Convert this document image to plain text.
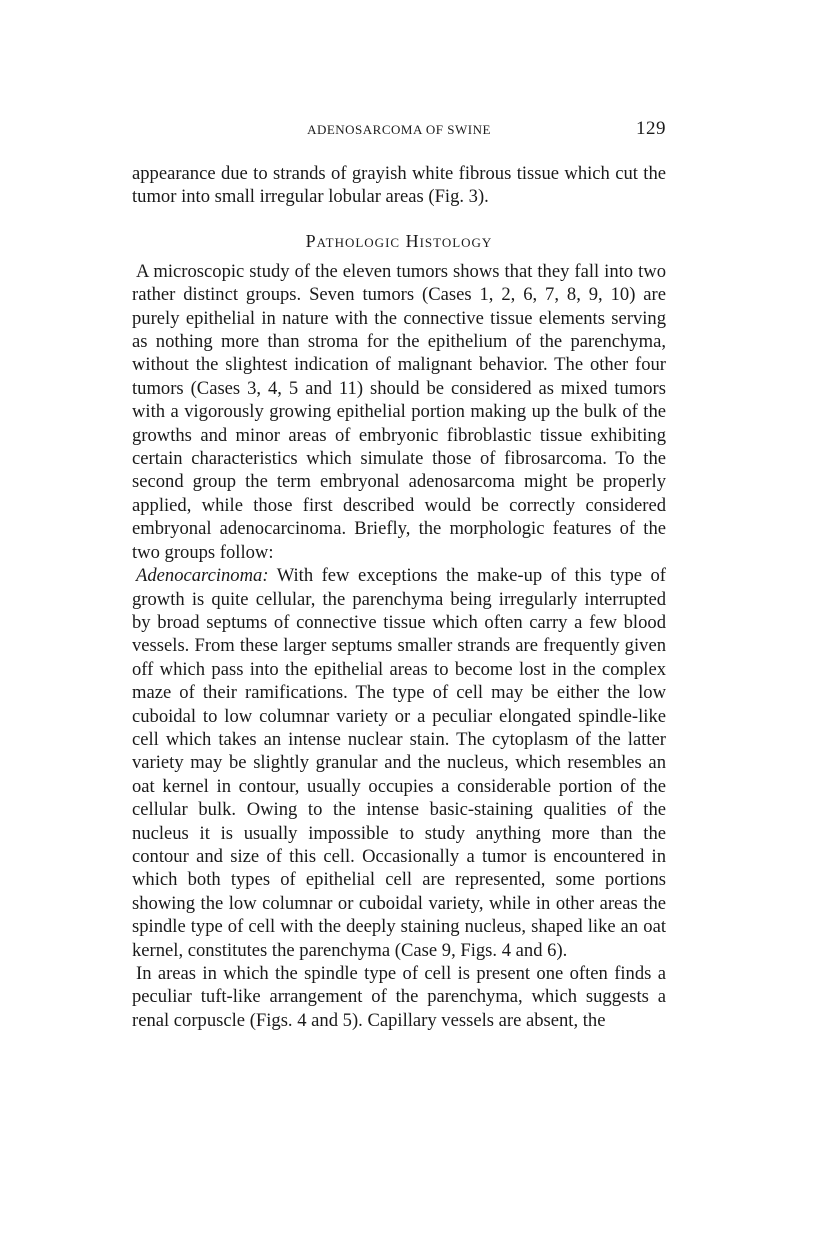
ADENOSARCOMA OF SWINE	129

appearance due to strands of grayish white fibrous tissue which cut the tumor into small irregular lobular areas (Fig. 3).

Pathologic Histology

A microscopic study of the eleven tumors shows that they fall into two rather distinct groups. Seven tumors (Cases 1, 2, 6, 7, 8, 9, 10) are purely epithelial in nature with the connective tissue elements serving as nothing more than stroma for the epithelium of the parenchyma, without the slightest indication of malignant behavior. The other four tumors (Cases 3, 4, 5 and 11) should be considered as mixed tumors with a vigorously growing epithelial portion making up the bulk of the growths and minor areas of embryonic fibroblastic tissue exhibiting certain characteristics which simulate those of fibrosarcoma. To the second group the term embryonal adenosarcoma might be properly applied, while those first described would be correctly considered embryonal adenocarcinoma. Briefly, the morphologic features of the two groups follow:

Adenocarcinoma: With few exceptions the make-up of this type of growth is quite cellular, the parenchyma being irregularly interrupted by broad septums of connective tissue which often carry a few blood vessels. From these larger septums smaller strands are frequently given off which pass into the epithelial areas to become lost in the complex maze of their ramifications. The type of cell may be either the low cuboidal to low columnar variety or a peculiar elongated spindle-like cell which takes an intense nuclear stain. The cytoplasm of the latter variety may be slightly granular and the nucleus, which resembles an oat kernel in contour, usually occupies a considerable portion of the cellular bulk. Owing to the intense basic-staining qualities of the nucleus it is usually impossible to study anything more than the contour and size of this cell. Occasionally a tumor is encountered in which both types of epithelial cell are represented, some portions showing the low columnar or cuboidal variety, while in other areas the spindle type of cell with the deeply staining nucleus, shaped like an oat kernel, constitutes the parenchyma (Case 9, Figs. 4 and 6).

In areas in which the spindle type of cell is present one often finds a peculiar tuft-like arrangement of the parenchyma, which suggests a renal corpuscle (Figs. 4 and 5). Capillary vessels are absent, the
